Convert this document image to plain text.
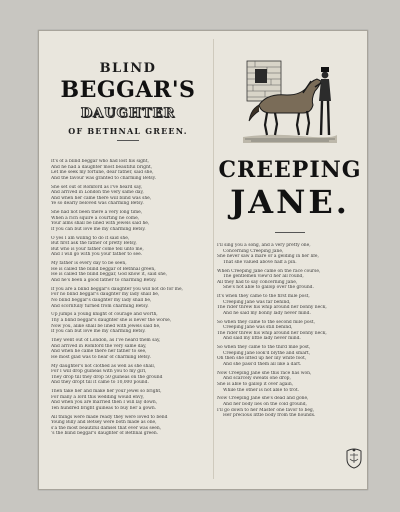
BLIND
BEGGAR'S
DAUGHTER
OF BETHNAL GREEN.
It's of a blind beggar who had lost his sight,
And he had a daughter most beautiful bright,
Let me seek my fortune, dear father, said she,
And the favour was granted to charming Betsy.
She set out of Romford as I've heard say,
And arrived in London the very same day,
And when her came there will blind was she,
Ye so dearly beloved was charming Betsy.
She had not been there a very long time,
When a rich squire a courting he come,
Your alms shall be lined with jewels said he,
If you can but love me my charming Betsy.
O yes I am willing to do it said she,
But first ask the father of pretty Betsy,
But who is your father come tell unto me,
And I will go with you your father to see.
My father is every day to be seen,
He is called the blind beggar of Bethnal green,
He is called the blind beggar, God know it, said she,
And he's been a good father to charming Betsy.
If you are a blind beggar's daughter you will not do for me,
For no blind beggar's daughter my lady shall be,
No blind beggar's daughter my lady shall be,
And scornfully turned from charming Betsy.
Up jumps a young knight of courage and worth,
Thy a blind beggar's daughter she is never the worse,
Now you, alike shall be lined with jewels said he,
If you can but love me my charming Betsy.
They went out of London, as I've heard them say,
And arrived in Romford the very same day,
And when he came there her father to see,
He most glad was to hear of charming Betsy.
My daughter's not clothed as well as she shall,
For I will drop guineas with you to my girl,
They drop till they drop 50 guineas on the ground
And they dropt till it came to 10,000 pound.
Then take her and make her your jewel so bright,
For many a lord this wedding would envy,
And when you are married then I will lay down,
Ten hundred bright guineas to buy her a gown.
All things were made ready they were loved to bend
Young Billy and Betsey were both made as one,
s'a the most beautiful damsel that ever was seen,
's the blind beggar's daughter of Bethnal green.
CREEPING
JANE.
I'll sing you a song, and a very pretty one,
Concerning Creeping Jane,
She never saw a mare or a gelding in her life,
That she valued above half a pin.
When Creeping Jane came on the race course,
The gentlemen view'd her all round,
All they had to say concerning Jane,
She's not able to gallop over the ground.
It's when they came to the first mile post,
Creeping Jane was far behind,
The rider threw his whip around her bonny neck,
And he said my bonny lady never mind.
So when they came to the second mile post,
Creeping Jane was still behind,
The rider threw his whip around her bonny neck,
And said my little lady never mind.
So when they came to the third mile post,
Creeping Jane look'd blythe and smart,
Oh then she lifted up her lily white foot,
And she pass'd them all like a dart.
Now Creeping Jane she this race has won,
And scarcely sweats one drop,
She is able to gallop it over again,
While the other is not able to trot.
Now Creeping Jane she's dead and gone,
And her body lies on the cold ground,
I'll go down to her Master one favor to beg,
Her precious little body from the hounds.
